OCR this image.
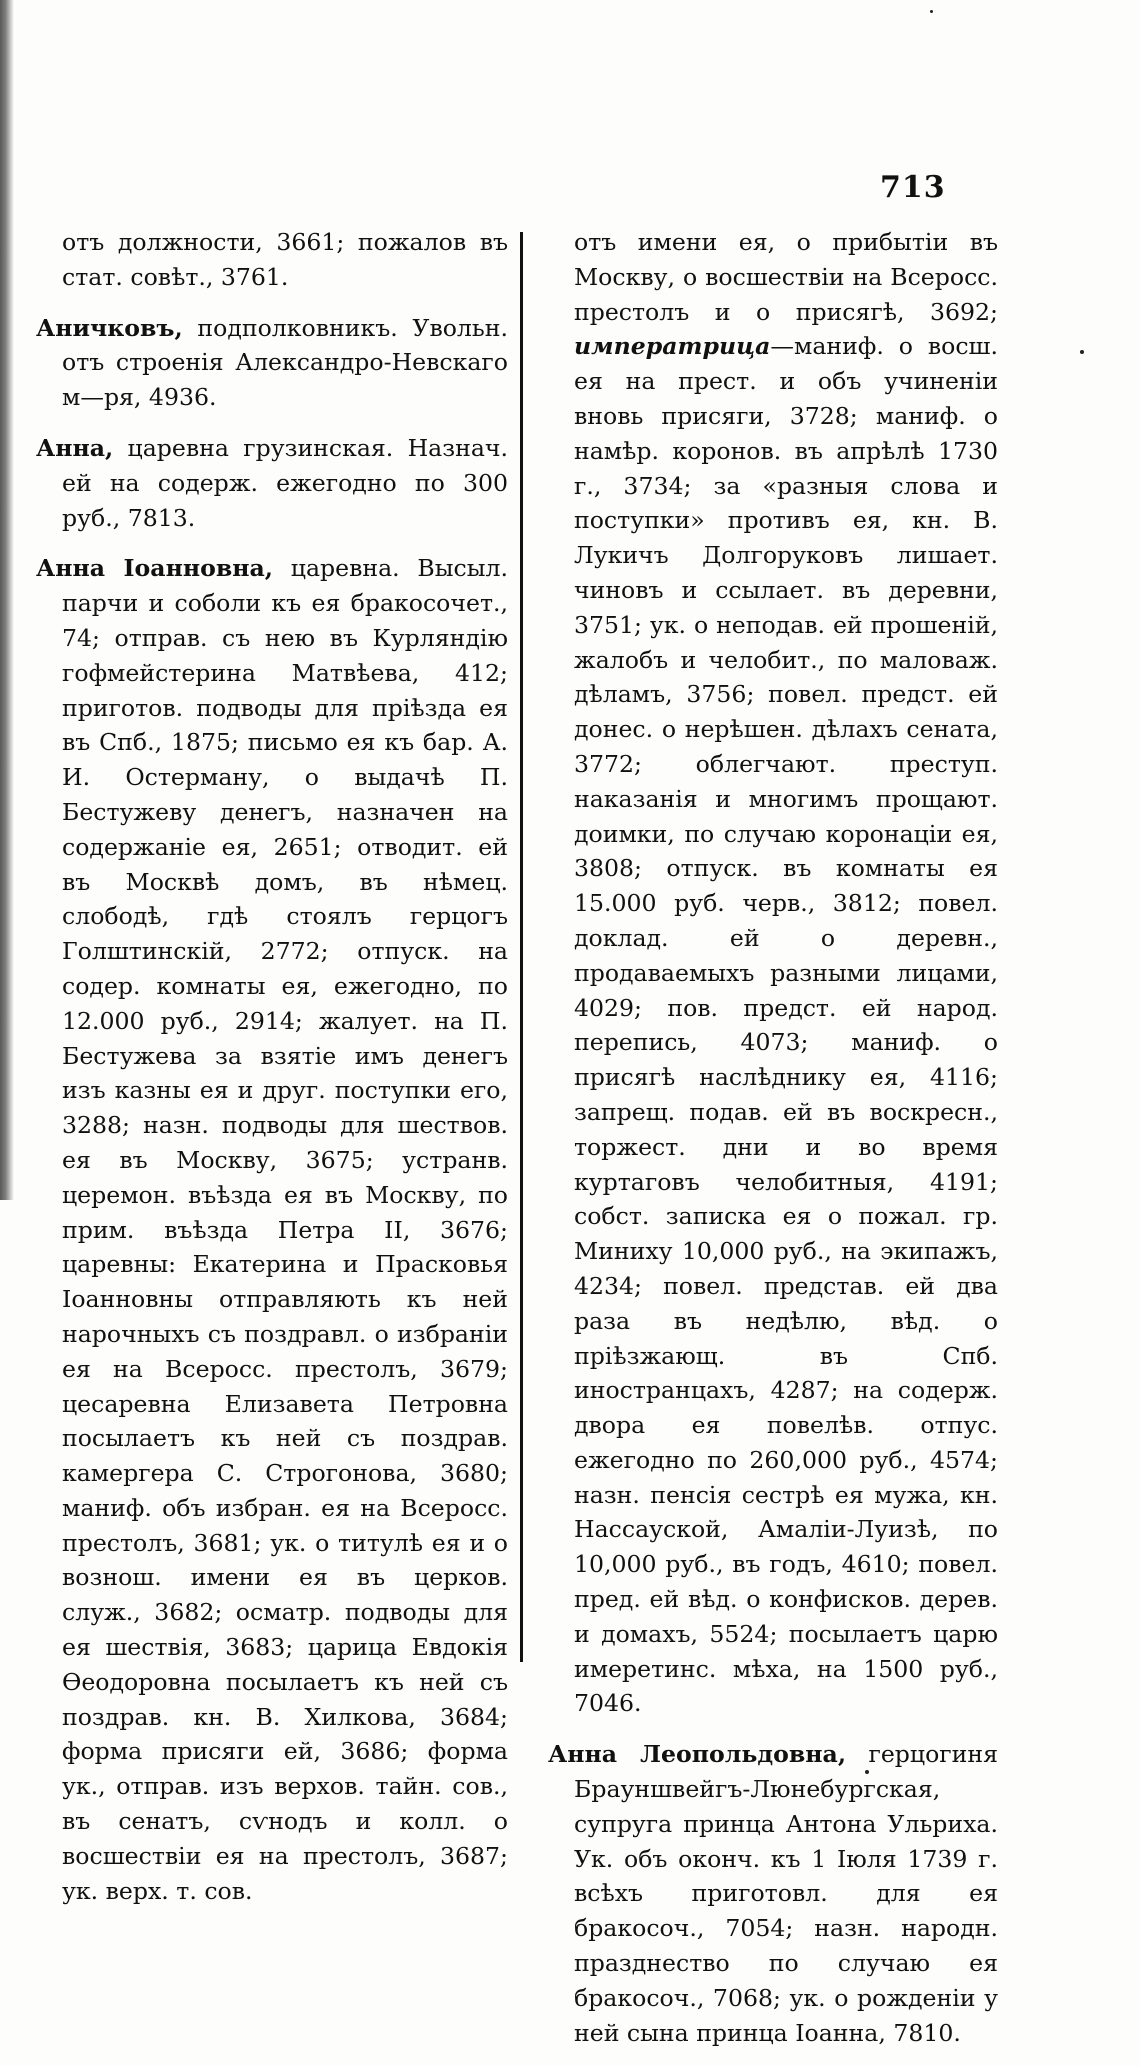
713

отъ должности, 3661; пожалов въ стат. совѣт., 3761.

Аничковъ, подполковникъ. Увольн. отъ строенія Александро-Невскаго м—ря, 4936.

Анна, царевна грузинская. Назнач. ей на содерж. ежегодно по 300 руб., 7813.

Анна Іоанновна, царевна. Высыл. парчи и соболи къ ея бракосочет., 74; отправ. съ нею въ Курляндію гофмейстерина Матвѣева, 412; приготов. подводы для пріѣзда ея въ Спб., 1875; письмо ея къ бар. А. И. Остерману, о выдачѣ П. Бестужеву денегъ, назначен на содержаніе ея, 2651; отводит. ей въ Москвѣ домъ, въ нѣмец. слободѣ, гдѣ стоялъ герцогъ Голштинскій, 2772; отпуск. на содер. комнаты ея, ежегодно, по 12.000 руб., 2914; жалует. на П. Бестужева за взятіе имъ денегъ изъ казны ея и друг. поступки его, 3288; назн. подводы для шествов. ея въ Москву, 3675; устранв. церемон. въѣзда ея въ Москву, по прим. въѣзда Петра II, 3676; царевны: Екатерина и Прасковья Іоанновны отправляють къ ней нарочныхъ съ поздравл. о избраніи ея на Всеросс. престолъ, 3679; цесаревна Елизавета Петровна посылаетъ къ ней съ поздрав. камергера С. Строгонова, 3680; маниф. объ избран. ея на Всеросс. престолъ, 3681; ук. о титулѣ ея и о вознош. имени ея въ церков. служ., 3682; осматр. подводы для ея шествія, 3683; царица Евдокія Ѳеодоровна посылаетъ къ ней съ поздрав. кн. В. Хилкова, 3684; форма присяги ей, 3686; форма ук., отправ. изъ верхов. тайн. сов., въ сенатъ, сѵнодъ и колл. о восшествіи ея на престолъ, 3687; ук. верх. т. сов.

отъ имени ея, о прибытіи въ Москву, о восшествіи на Всеросс. престолъ и о присягѣ, 3692; императрица—маниф. о восш. ея на прест. и объ учиненіи вновь присяги, 3728; маниф. о намѣр. коронов. въ апрѣлѣ 1730 г., 3734; за «разныя слова и поступки» противъ ея, кн. В. Лукичъ Долгоруковъ лишает. чиновъ и ссылает. въ деревни, 3751; ук. о неподав. ей прошеній, жалобъ и челобит., по маловаж. дѣламъ, 3756; повел. предст. ей донес. о нерѣшен. дѣлахъ сената, 3772; облегчают. преступ. наказанія и многимъ прощают. доимки, по случаю коронаціи ея, 3808; отпуск. въ комнаты ея 15.000 руб. черв., 3812; повел. доклад. ей о деревн., продаваемыхъ разными лицами, 4029; пов. предст. ей народ. перепись, 4073; маниф. о присягѣ наслѣднику ея, 4116; запрещ. подав. ей въ воскресн., торжест. дни и во время куртаговъ челобитныя, 4191; собст. записка ея о пожал. гр. Миниху 10,000 руб., на экипажъ, 4234; повел. представ. ей два раза въ недѣлю, вѣд. о пріѣзжающ. въ Спб. иностранцахъ, 4287; на содерж. двора ея повелѣв. отпус. ежегодно по 260,000 руб., 4574; назн. пенсія сестрѣ ея мужа, кн. Нассауской, Амаліи-Луизѣ, по 10,000 руб., въ годъ, 4610; повел. пред. ей вѣд. о конфисков. дерев. и домахъ, 5524; посылаетъ царю имеретинс. мѣха, на 1500 руб., 7046.

Анна Леопольдовна, герцогиня Брауншвейгъ-Люнебургская, супруга принца Антона Ульриха. Ук. объ оконч. къ 1 Іюля 1739 г. всѣхъ приготовл. для ея бракосоч., 7054; назн. народн. празднество по случаю ея бракосоч., 7068; ук. о рожденіи у ней сына принца Іоанна, 7810.
